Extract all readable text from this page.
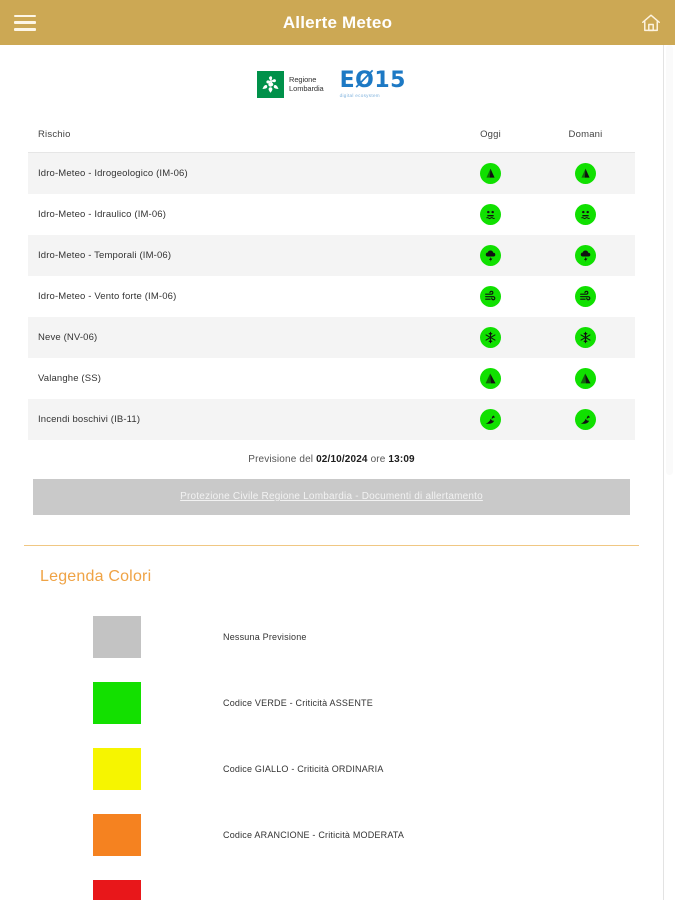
Allerte Meteo
Regione
Lombardia EØ15
digital ecosystem
Rischio	Oggi	Domani
Idro-Meteo - Idrogeologico (IM-06)	

Idro-Meteo - Idraulico (IM-06)	

Idro-Meteo - Temporali (IM-06)	

Idro-Meteo - Vento forte (IM-06)	

Neve (NV-06)	

Valanghe (SS)	

Incendi boschivi (IB-11)	

Previsione del 02/10/2024 ore 13:09
Protezione Civile Regione Lombardia - Documenti di allertamento
Legenda Colori
Nessuna Previsione
Codice VERDE - Criticità ASSENTE
Codice GIALLO - Criticità ORDINARIA
Codice ARANCIONE - Criticità MODERATA
